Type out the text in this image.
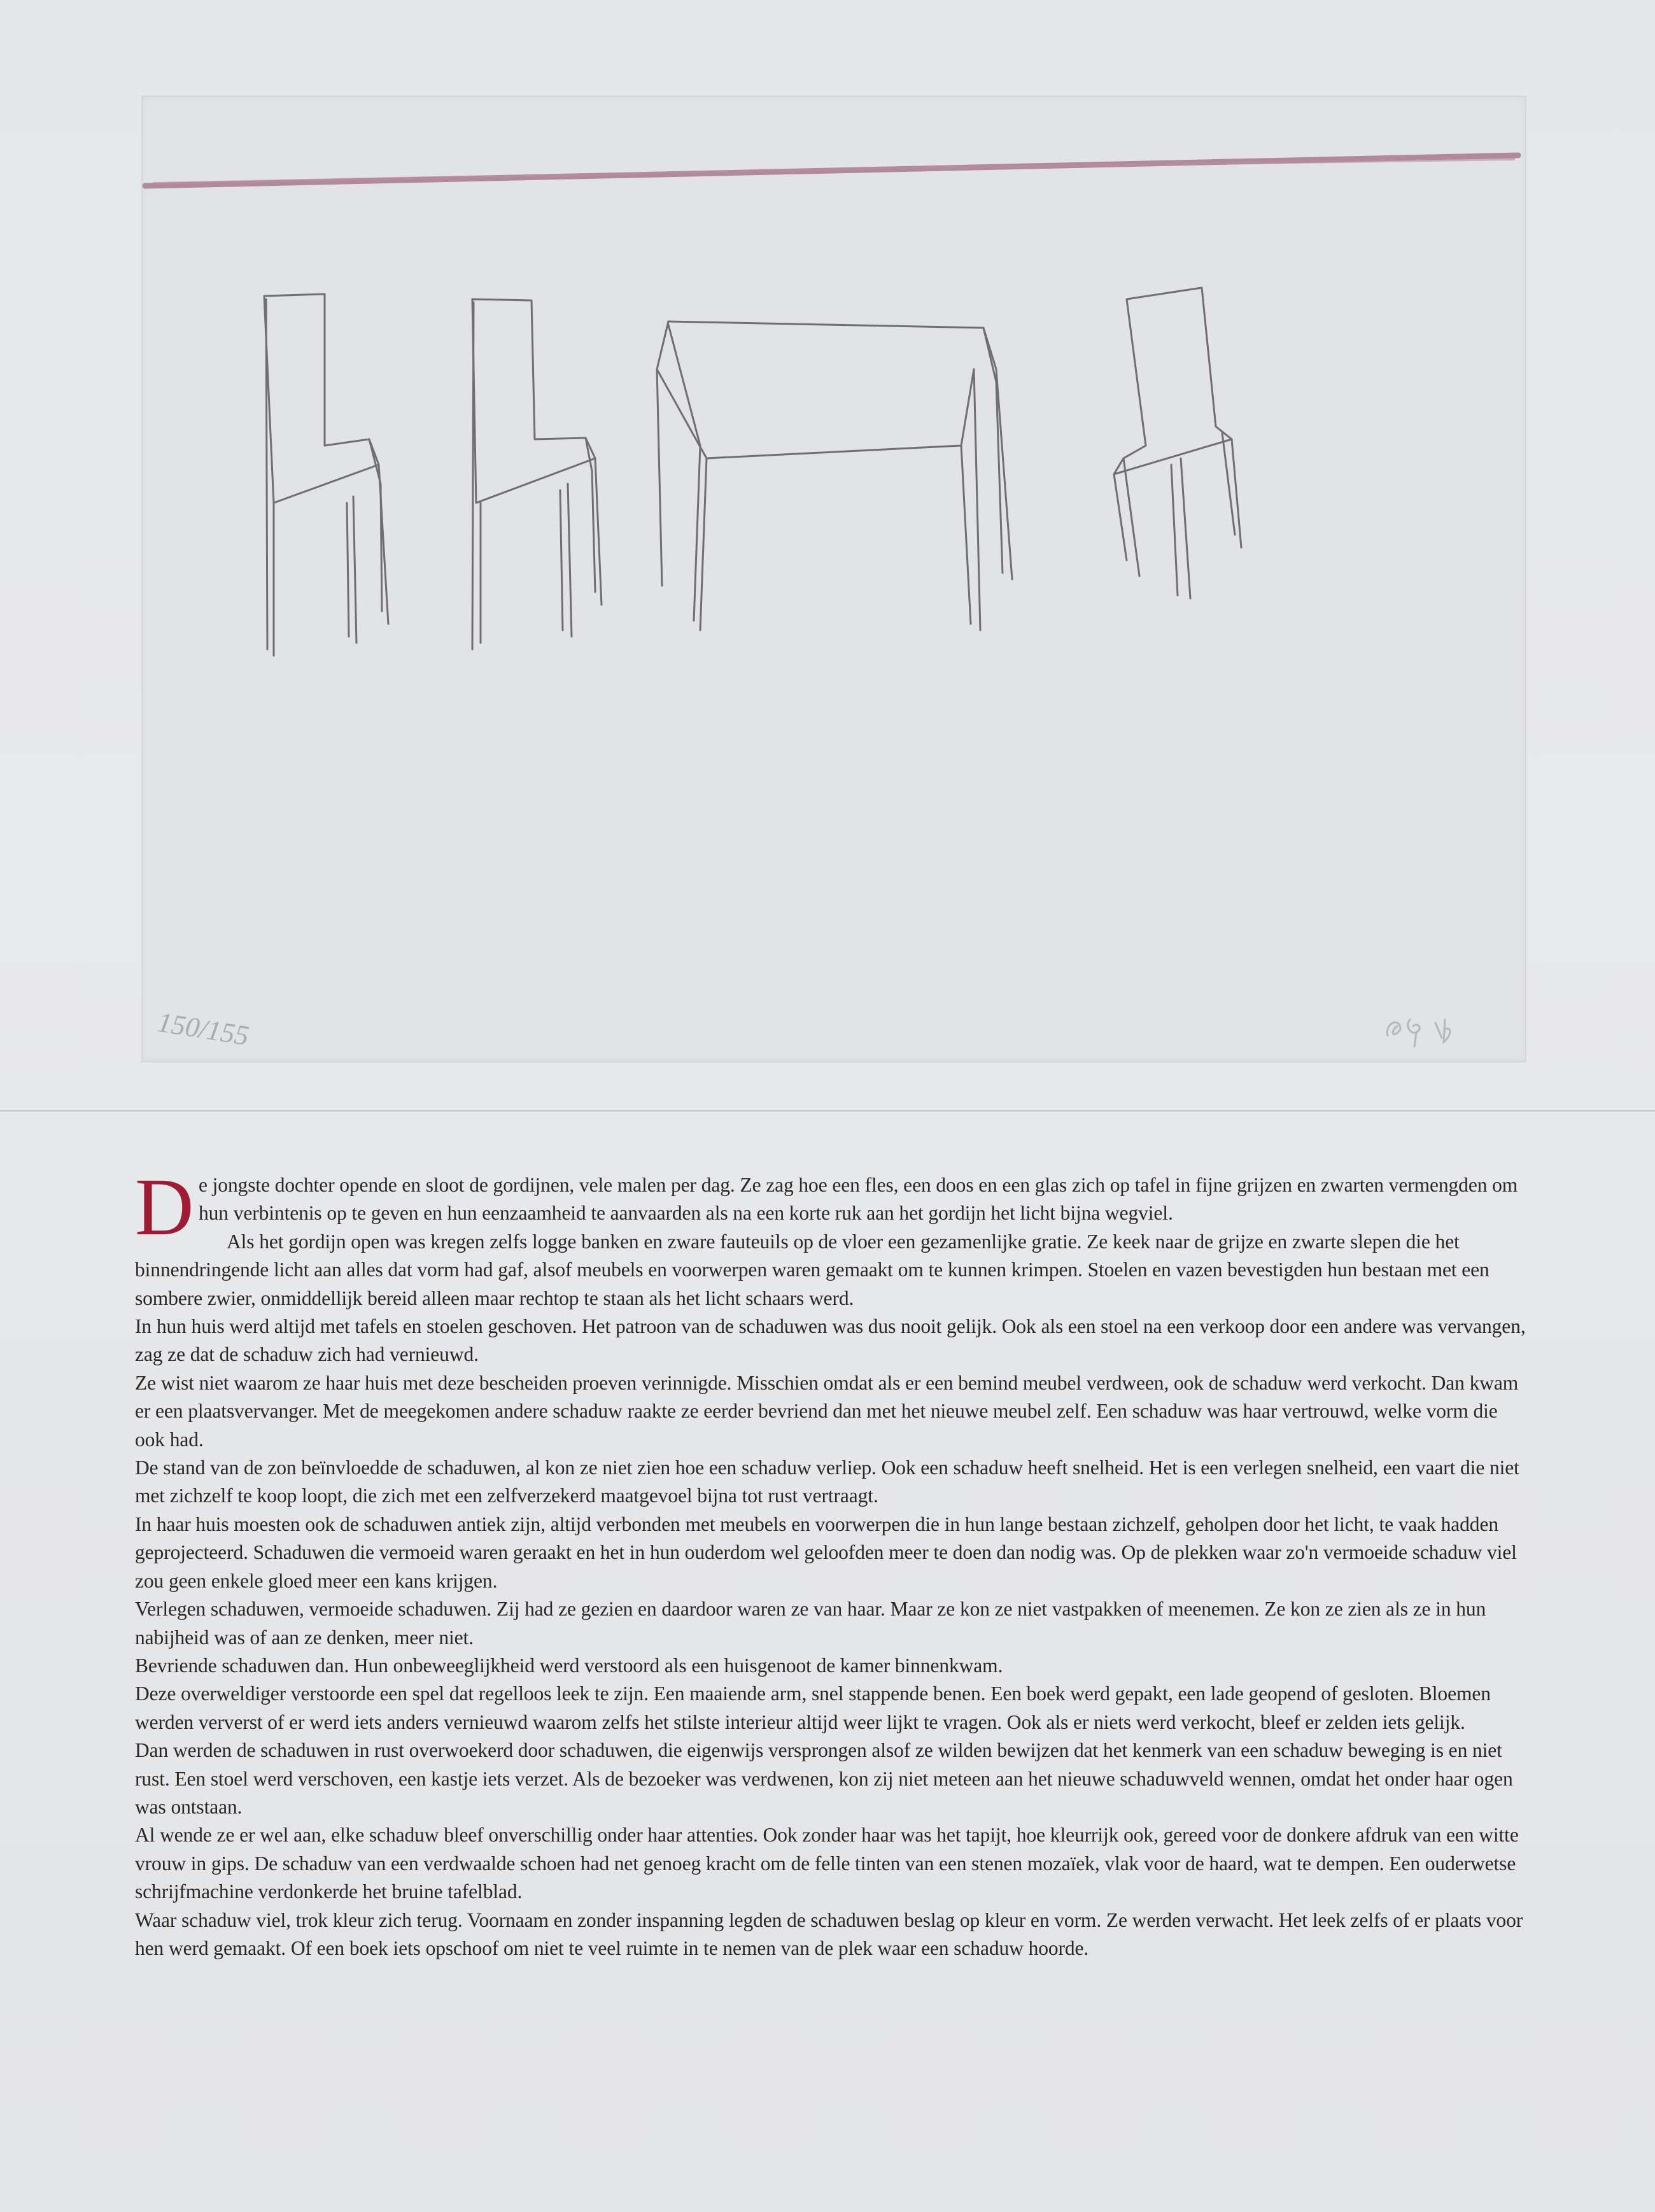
150/155
D e jongste dochter opende en sloot de gordijnen, vele malen per dag. Ze zag hoe een fles, een doos en een glas zich op tafel in fijne grijzen en zwarten vermengden om hun verbintenis op te geven en hun eenzaamheid te aanvaarden als na een korte ruk aan het gordijn het licht bijna wegviel.

Als het gordijn open was kregen zelfs logge banken en zware fauteuils op de vloer een gezamenlijke gratie. Ze keek naar de grijze en zwarte slepen die het binnendringende licht aan alles dat vorm had gaf, alsof meubels en voorwerpen waren gemaakt om te kunnen krimpen. Stoelen en vazen bevestigden hun bestaan met een sombere zwier, onmiddellijk bereid alleen maar rechtop te staan als het licht schaars werd.

In hun huis werd altijd met tafels en stoelen geschoven. Het patroon van de schaduwen was dus nooit gelijk. Ook als een stoel na een verkoop door een andere was vervangen, zag ze dat de schaduw zich had vernieuwd.

Ze wist niet waarom ze haar huis met deze bescheiden proeven verinnigde. Misschien omdat als er een bemind meubel verdween, ook de schaduw werd verkocht. Dan kwam er een plaatsvervanger. Met de meegekomen andere schaduw raakte ze eerder bevriend dan met het nieuwe meubel zelf. Een schaduw was haar vertrouwd, welke vorm die ook had.

De stand van de zon beïnvloedde de schaduwen, al kon ze niet zien hoe een schaduw verliep. Ook een schaduw heeft snelheid. Het is een verlegen snelheid, een vaart die niet met zichzelf te koop loopt, die zich met een zelfverzekerd maatgevoel bijna tot rust vertraagt.

In haar huis moesten ook de schaduwen antiek zijn, altijd verbonden met meubels en voorwerpen die in hun lange bestaan zichzelf, geholpen door het licht, te vaak hadden geprojecteerd. Schaduwen die vermoeid waren geraakt en het in hun ouderdom wel geloofden meer te doen dan nodig was. Op de plekken waar zo'n vermoeide schaduw viel zou geen enkele gloed meer een kans krijgen.

Verlegen schaduwen, vermoeide schaduwen. Zij had ze gezien en daardoor waren ze van haar. Maar ze kon ze niet vastpakken of meenemen. Ze kon ze zien als ze in hun nabijheid was of aan ze denken, meer niet.

Bevriende schaduwen dan. Hun onbeweeglijkheid werd verstoord als een huisgenoot de kamer binnenkwam.

Deze overweldiger verstoorde een spel dat regelloos leek te zijn. Een maaiende arm, snel stappende benen. Een boek werd gepakt, een lade geopend of gesloten. Bloemen werden ververst of er werd iets anders vernieuwd waarom zelfs het stilste interieur altijd weer lijkt te vragen. Ook als er niets werd verkocht, bleef er zelden iets gelijk.

Dan werden de schaduwen in rust overwoekerd door schaduwen, die eigenwijs versprongen alsof ze wilden bewijzen dat het kenmerk van een schaduw beweging is en niet rust. Een stoel werd verschoven, een kastje iets verzet. Als de bezoeker was verdwenen, kon zij niet meteen aan het nieuwe schaduwveld wennen, omdat het onder haar ogen was ontstaan.

Al wende ze er wel aan, elke schaduw bleef onverschillig onder haar attenties. Ook zonder haar was het tapijt, hoe kleurrijk ook, gereed voor de donkere afdruk van een witte vrouw in gips. De schaduw van een verdwaalde schoen had net genoeg kracht om de felle tinten van een stenen mozaïek, vlak voor de haard, wat te dempen. Een ouderwetse schrijfmachine verdonkerde het bruine tafelblad.

Waar schaduw viel, trok kleur zich terug. Voornaam en zonder inspanning legden de schaduwen beslag op kleur en vorm. Ze werden verwacht. Het leek zelfs of er plaats voor hen werd gemaakt. Of een boek iets opschoof om niet te veel ruimte in te nemen van de plek waar een schaduw hoorde.
